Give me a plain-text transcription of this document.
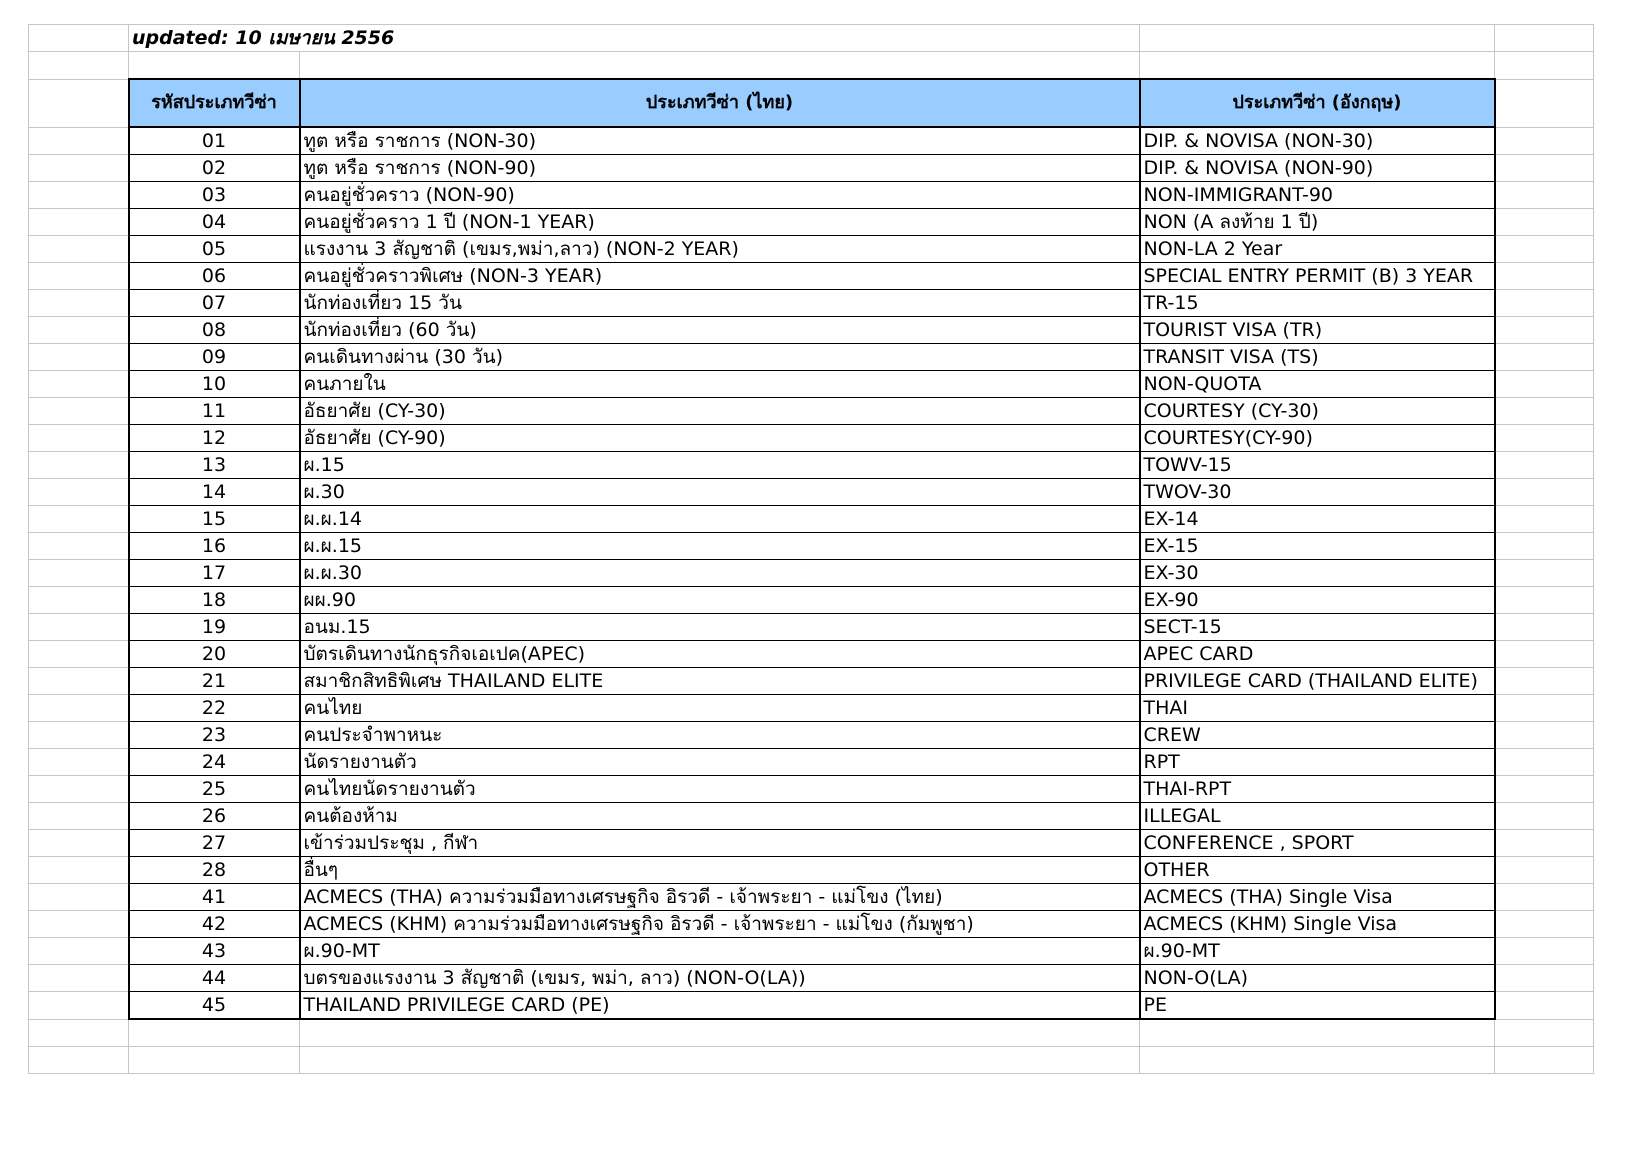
	updated: 10 เมษายน 2556			

	รหัสประเภทวีซ่า	ประเภทวีซ่า (ไทย)	ประเภทวีซ่า (อังกฤษ)	
	01	ทูต หรือ ราชการ (NON-30)	DIP. & NOVISA (NON-30)	
	02	ทูต หรือ ราชการ (NON-90)	DIP. & NOVISA (NON-90)	
	03	คนอยู่ชั่วคราว (NON-90)	NON-IMMIGRANT-90	
	04	คนอยู่ชั่วคราว 1 ปี (NON-1 YEAR)	NON (A ลงท้าย 1 ปี)	
	05	แรงงาน 3 สัญชาติ (เขมร,พม่า,ลาว) (NON-2 YEAR)	NON-LA 2 Year	
	06	คนอยู่ชั่วคราวพิเศษ (NON-3 YEAR)	SPECIAL ENTRY PERMIT (B) 3 YEAR	
	07	นักท่องเที่ยว 15 วัน	TR-15	
	08	นักท่องเที่ยว (60 วัน)	TOURIST VISA (TR)	
	09	คนเดินทางผ่าน (30 วัน)	TRANSIT VISA (TS)	
	10	คนภายใน	NON-QUOTA	
	11	อัธยาศัย (CY-30)	COURTESY (CY-30)	
	12	อัธยาศัย (CY-90)	COURTESY(CY-90)	
	13	ผ.15	TOWV-15	
	14	ผ.30	TWOV-30	
	15	ผ.ผ.14	EX-14	
	16	ผ.ผ.15	EX-15	
	17	ผ.ผ.30	EX-30	
	18	ผผ.90	EX-90	
	19	อนม.15	SECT-15	
	20	บัตรเดินทางนักธุรกิจเอเปค(APEC)	APEC CARD	
	21	สมาชิกสิทธิพิเศษ THAILAND ELITE	PRIVILEGE CARD (THAILAND ELITE)	
	22	คนไทย	THAI	
	23	คนประจำพาหนะ	CREW	
	24	นัดรายงานตัว	RPT	
	25	คนไทยนัดรายงานตัว	THAI-RPT	
	26	คนต้องห้าม	ILLEGAL	
	27	เข้าร่วมประชุม , กีฬา	CONFERENCE , SPORT	
	28	อื่นๆ	OTHER	
	41	ACMECS (THA) ความร่วมมือทางเศรษฐกิจ อิรวดี - เจ้าพระยา - แม่โขง (ไทย)	ACMECS (THA) Single Visa	
	42	ACMECS (KHM) ความร่วมมือทางเศรษฐกิจ อิรวดี - เจ้าพระยา - แม่โขง (กัมพูชา)	ACMECS (KHM) Single Visa	
	43	ผ.90-MT	ผ.90-MT	
	44	บตรของแรงงาน 3 สัญชาติ (เขมร, พม่า, ลาว) (NON-O(LA))	NON-O(LA)	
	45	THAILAND PRIVILEGE CARD (PE)	PE	
